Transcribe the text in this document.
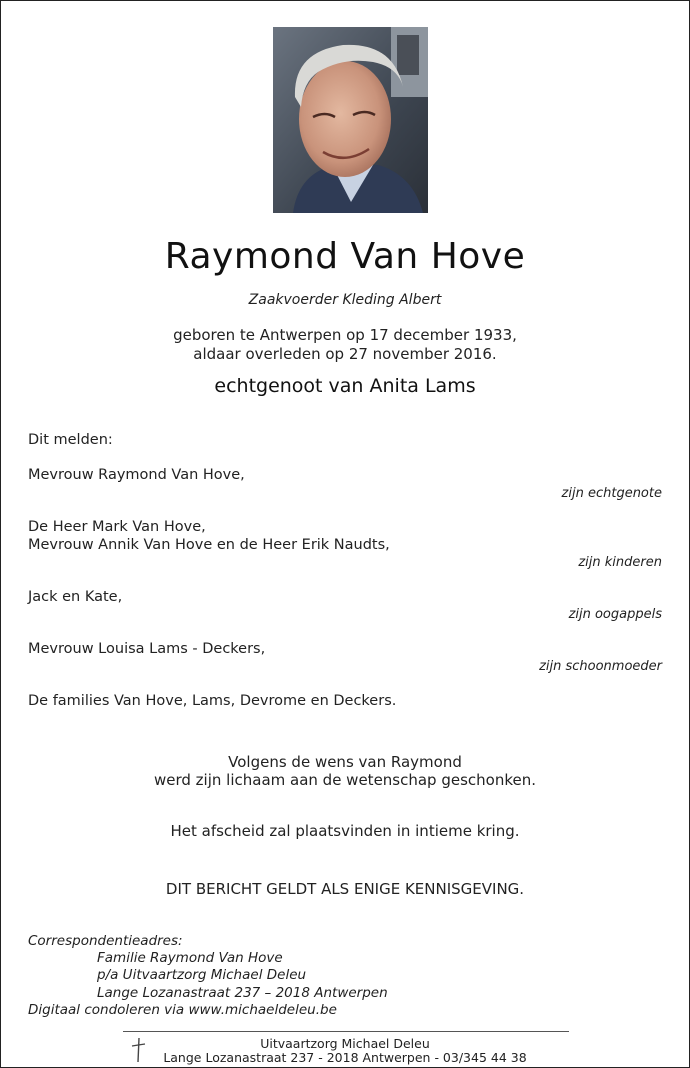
Raymond Van Hove
Zaakvoerder Kleding Albert
geboren te Antwerpen op 17 december 1933,
aldaar overleden op 27 november 2016.
echtgenoot van Anita Lams
Dit melden:
Mevrouw Raymond Van Hove,
zijn echtgenote
De Heer Mark Van Hove,
Mevrouw Annik Van Hove en de Heer Erik Naudts,
zijn kinderen
Jack en Kate,
zijn oogappels
Mevrouw Louisa Lams - Deckers,
zijn schoonmoeder
De families Van Hove, Lams, Devrome en Deckers.
Volgens de wens van Raymond
werd zijn lichaam aan de wetenschap geschonken.
Het afscheid zal plaatsvinden in intieme kring.
DIT BERICHT GELDT ALS ENIGE KENNISGEVING.
Correspondentieadres:
Familie Raymond Van Hove
p/a Uitvaartzorg Michael Deleu
Lange Lozanastraat 237 – 2018 Antwerpen
Digitaal condoleren via www.michaeldeleu.be
Uitvaartzorg Michael Deleu
Lange Lozanastraat 237 - 2018 Antwerpen - 03/345 44 38
